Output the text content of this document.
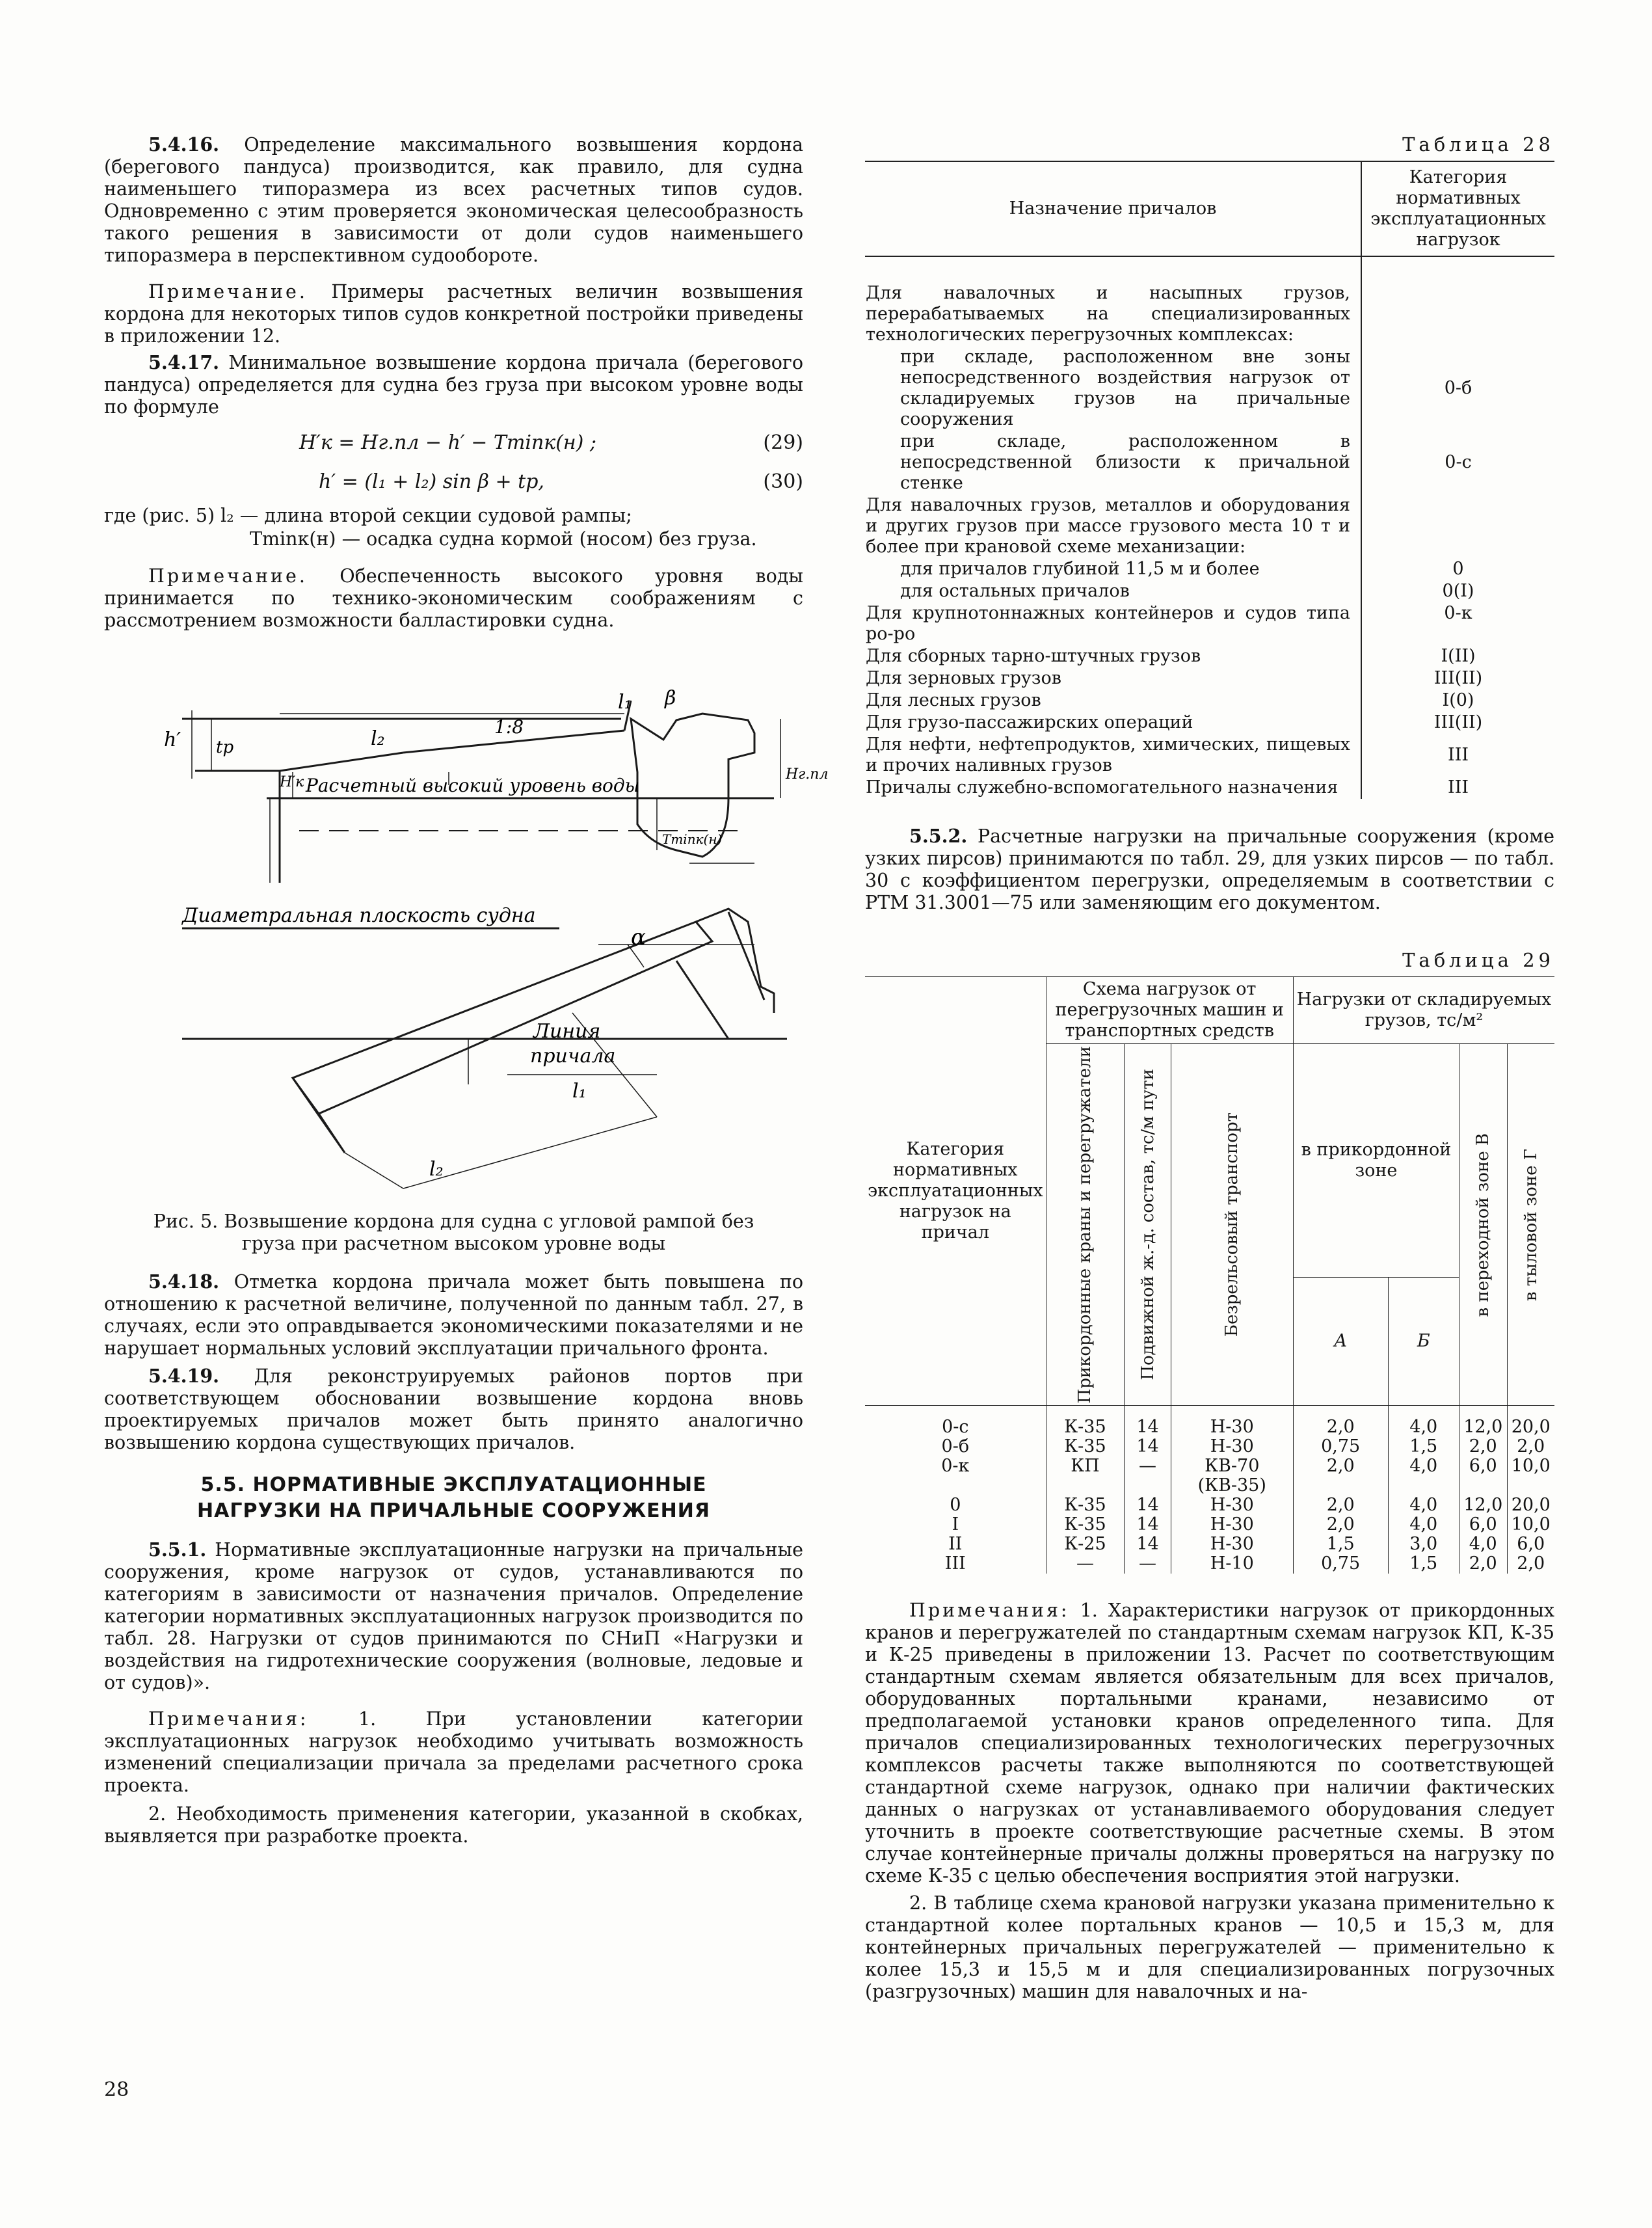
5.4.16. Определение максимального возвышения кордона (берегового пандуса) производится, как правило, для судна наименьшего типоразмера из всех расчетных типов судов. Одновременно с этим проверяется экономическая целесообразность такого решения в зависимости от доли судов наименьшего типоразмера в перспективном судообороте.

Примечание. Примеры расчетных величин возвышения кордона для некоторых типов судов конкретной постройки приведены в приложении 12.

5.4.17. Минимальное возвышение кордона причала (берегового пандуса) определяется для судна без груза при высоком уровне воды по формуле

H′к = Hг.пл − h′ − Tminк(н) ;	(29)
h′ = (l₁ + l₂) sin β + tр,	(30)
где (рис. 5) l₂ — длина второй секции судовой рампы;
Tminк(н) — осадка судна кормой (носом) без груза.

Примечание. Обеспеченность высокого уровня воды принимается по технико-экономическим соображениям с рассмотрением возможности балластировки судна.

h′ tр	l₂
1:8
l₁ β
H′к Расчетный высокий уровень воды
Hг.пл
Tminк(н)
Диаметральная плоскость судна
α
Линия
причала
l₁
l₂

Рис. 5. Возвышение кордона для судна с угловой рампой без груза при расчетном высоком уровне воды

5.4.18. Отметка кордона причала может быть повышена по отношению к расчетной величине, полученной по данным табл. 27, в случаях, если это оправдывается экономическими показателями и не нарушает нормальных условий эксплуатации причального фронта.

5.4.19. Для реконструируемых районов портов при соответствующем обосновании возвышение кордона вновь проектируемых причалов может быть принято аналогично возвышению кордона существующих причалов.

5.5. НОРМАТИВНЫЕ ЭКСПЛУАТАЦИОННЫЕ НАГРУЗКИ НА ПРИЧАЛЬНЫЕ СООРУЖЕНИЯ

5.5.1. Нормативные эксплуатационные нагрузки на причальные сооружения, кроме нагрузок от судов, устанавливаются по категориям в зависимости от назначения причалов. Определение категории нормативных эксплуатационных нагрузок производится по табл. 28. Нагрузки от судов принимаются по СНиП «Нагрузки и воздействия на гидротехнические сооружения (волновые, ледовые и от судов)».

Примечания: 1. При установлении категории эксплуатационных нагрузок необходимо учитывать возможность изменений специализации причала за пределами расчетного срока проекта.

2. Необходимость применения категории, указанной в скобках, выявляется при разработке проекта.

28
Таблица 28
Назначение причалов	Категория нормативных эксплуатационных нагрузок
Для навалочных и насыпных грузов, перерабатываемых на специализированных технологических перегрузочных комплексах:	
при складе, расположенном вне зоны непосредственного воздействия нагрузок от складируемых грузов на причальные сооружения	0-б
при складе, расположенном в непосредственной близости к причальной стенке	0-с
Для навалочных грузов, металлов и оборудования и других грузов при массе грузового места 10 т и более при крановой схеме механизации:	
для причалов глубиной 11,5 м и более	0
для остальных причалов	0(I)
Для крупнотоннажных контейнеров и судов типа ро-ро	0-к
Для сборных тарно-штучных грузов	I(II)
Для зерновых грузов	III(II)
Для лесных грузов	I(0)
Для грузо-пассажирских операций	III(II)
Для нефти, нефтепродуктов, химических, пищевых и прочих наливных грузов	III
Причалы служебно-вспомогательного назначения	III

5.5.2. Расчетные нагрузки на причальные сооружения (кроме узких пирсов) принимаются по табл. 29, для узких пирсов — по табл. 30 с коэффициентом перегрузки, определяемым в соответствии с РТМ 31.3001—75 или заменяющим его документом.

Таблица 29
Категория нормативных эксплуатационных нагрузок на причал	Схема нагрузок от перегрузочных машин и транспортных средств			Нагрузки от складируемых грузов, тс/м²			

	Прикордонные краны и перегружатели	Подвижной ж.-д. состав, тс/м пути	Безрельсовый транспорт	в прикордонной зоне		в переходной зоне В	в тыловой зоне Г

				А	Б		
0-с	К-35	14	Н-30	2,0	4,0	12,0	20,0
0-б	К-35	14	Н-30	0,75	1,5	2,0	2,0
0-к	КП	—	КВ-70	2,0	4,0	6,0	10,0
			(КВ-35)				
0	К-35	14	Н-30	2,0	4,0	12,0	20,0
I	К-35	14	Н-30	2,0	4,0	6,0	10,0
II	К-25	14	Н-30	1,5	3,0	4,0	6,0
III	—	—	Н-10	0,75	1,5	2,0	2,0

Примечания: 1. Характеристики нагрузок от прикордонных кранов и перегружателей по стандартным схемам нагрузок КП, К-35 и К-25 приведены в приложении 13. Расчет по соответствующим стандартным схемам является обязательным для всех причалов, оборудованных портальными кранами, независимо от предполагаемой установки кранов определенного типа. Для причалов специализированных технологических перегрузочных комплексов расчеты также выполняются по соответствующей стандартной схеме нагрузок, однако при наличии фактических данных о нагрузках от устанавливаемого оборудования следует уточнить в проекте соответствующие расчетные схемы. В этом случае контейнерные причалы должны проверяться на нагрузку по схеме К-35 с целью обеспечения восприятия этой нагрузки.

2. В таблице схема крановой нагрузки указана применительно к стандартной колее портальных кранов — 10,5 и 15,3 м, для контейнерных причальных перегружателей — применительно к колее 15,3 и 15,5 м и для специализированных погрузочных (разгрузочных) машин для навалочных и на-
